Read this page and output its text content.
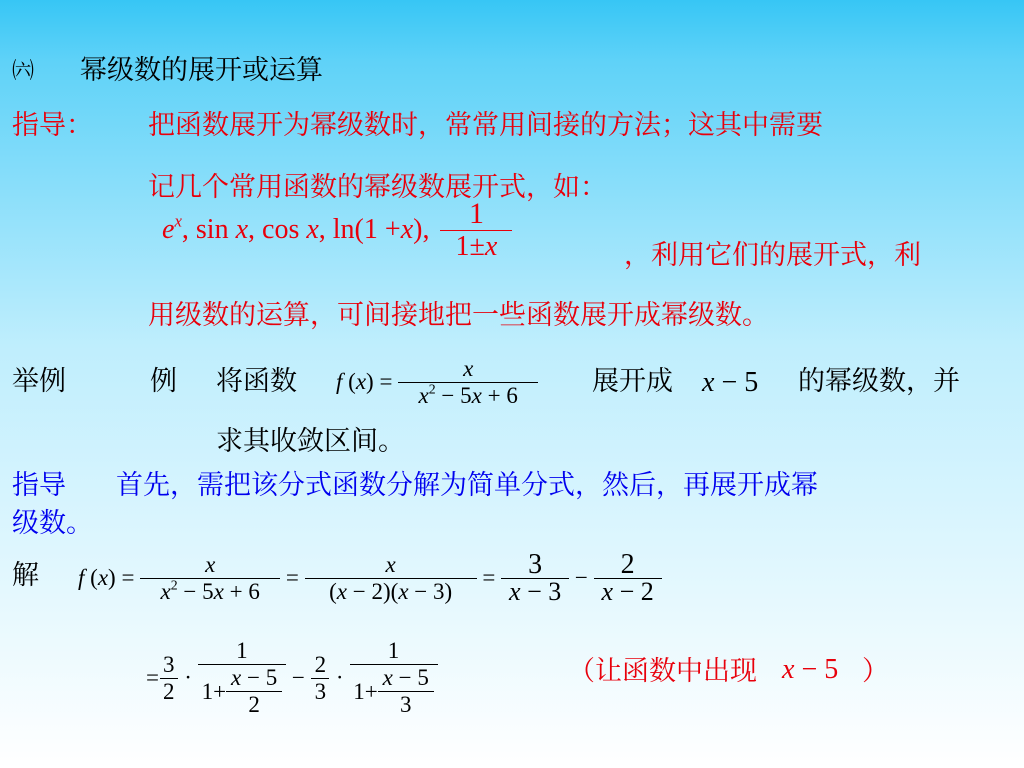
㈥ 幂级数的展开或运算
指导： 把函数展开为幂级数时，常常用间接的方法；这其中需要
记几个常用函数的幂级数展开式，如：
$e^x$ , sin x , cos x , ln(1 + x ), $\frac{1}{1\pm x}$	，利用它们的展开式，利
用级数的运算，可间接地把一些函数展开成幂级数。
举例	例 将函数 f ( x ) = $\frac{x}{x^2 - 5x + 6}$ 展开成 x − 5 的幂级数，并
求其收敛区间。
指导 首先，需把该分式函数分解为简单分式，然后，再展开成幂
级数。
解 f ( x ) = $\frac{x}{x^2 - 5x + 6} = \frac{x}{(x - 2)(x - 3)} = \frac{3}{x - 3} - \frac{2}{x - 2}$
= $\frac{3}{2} \cdot \frac{1}{1+ \frac{x - 5}{2}} - \frac{2}{3} \cdot \frac{1}{1+ \frac{x - 5}{3}}$	（让函数中出现 x − 5 ）
